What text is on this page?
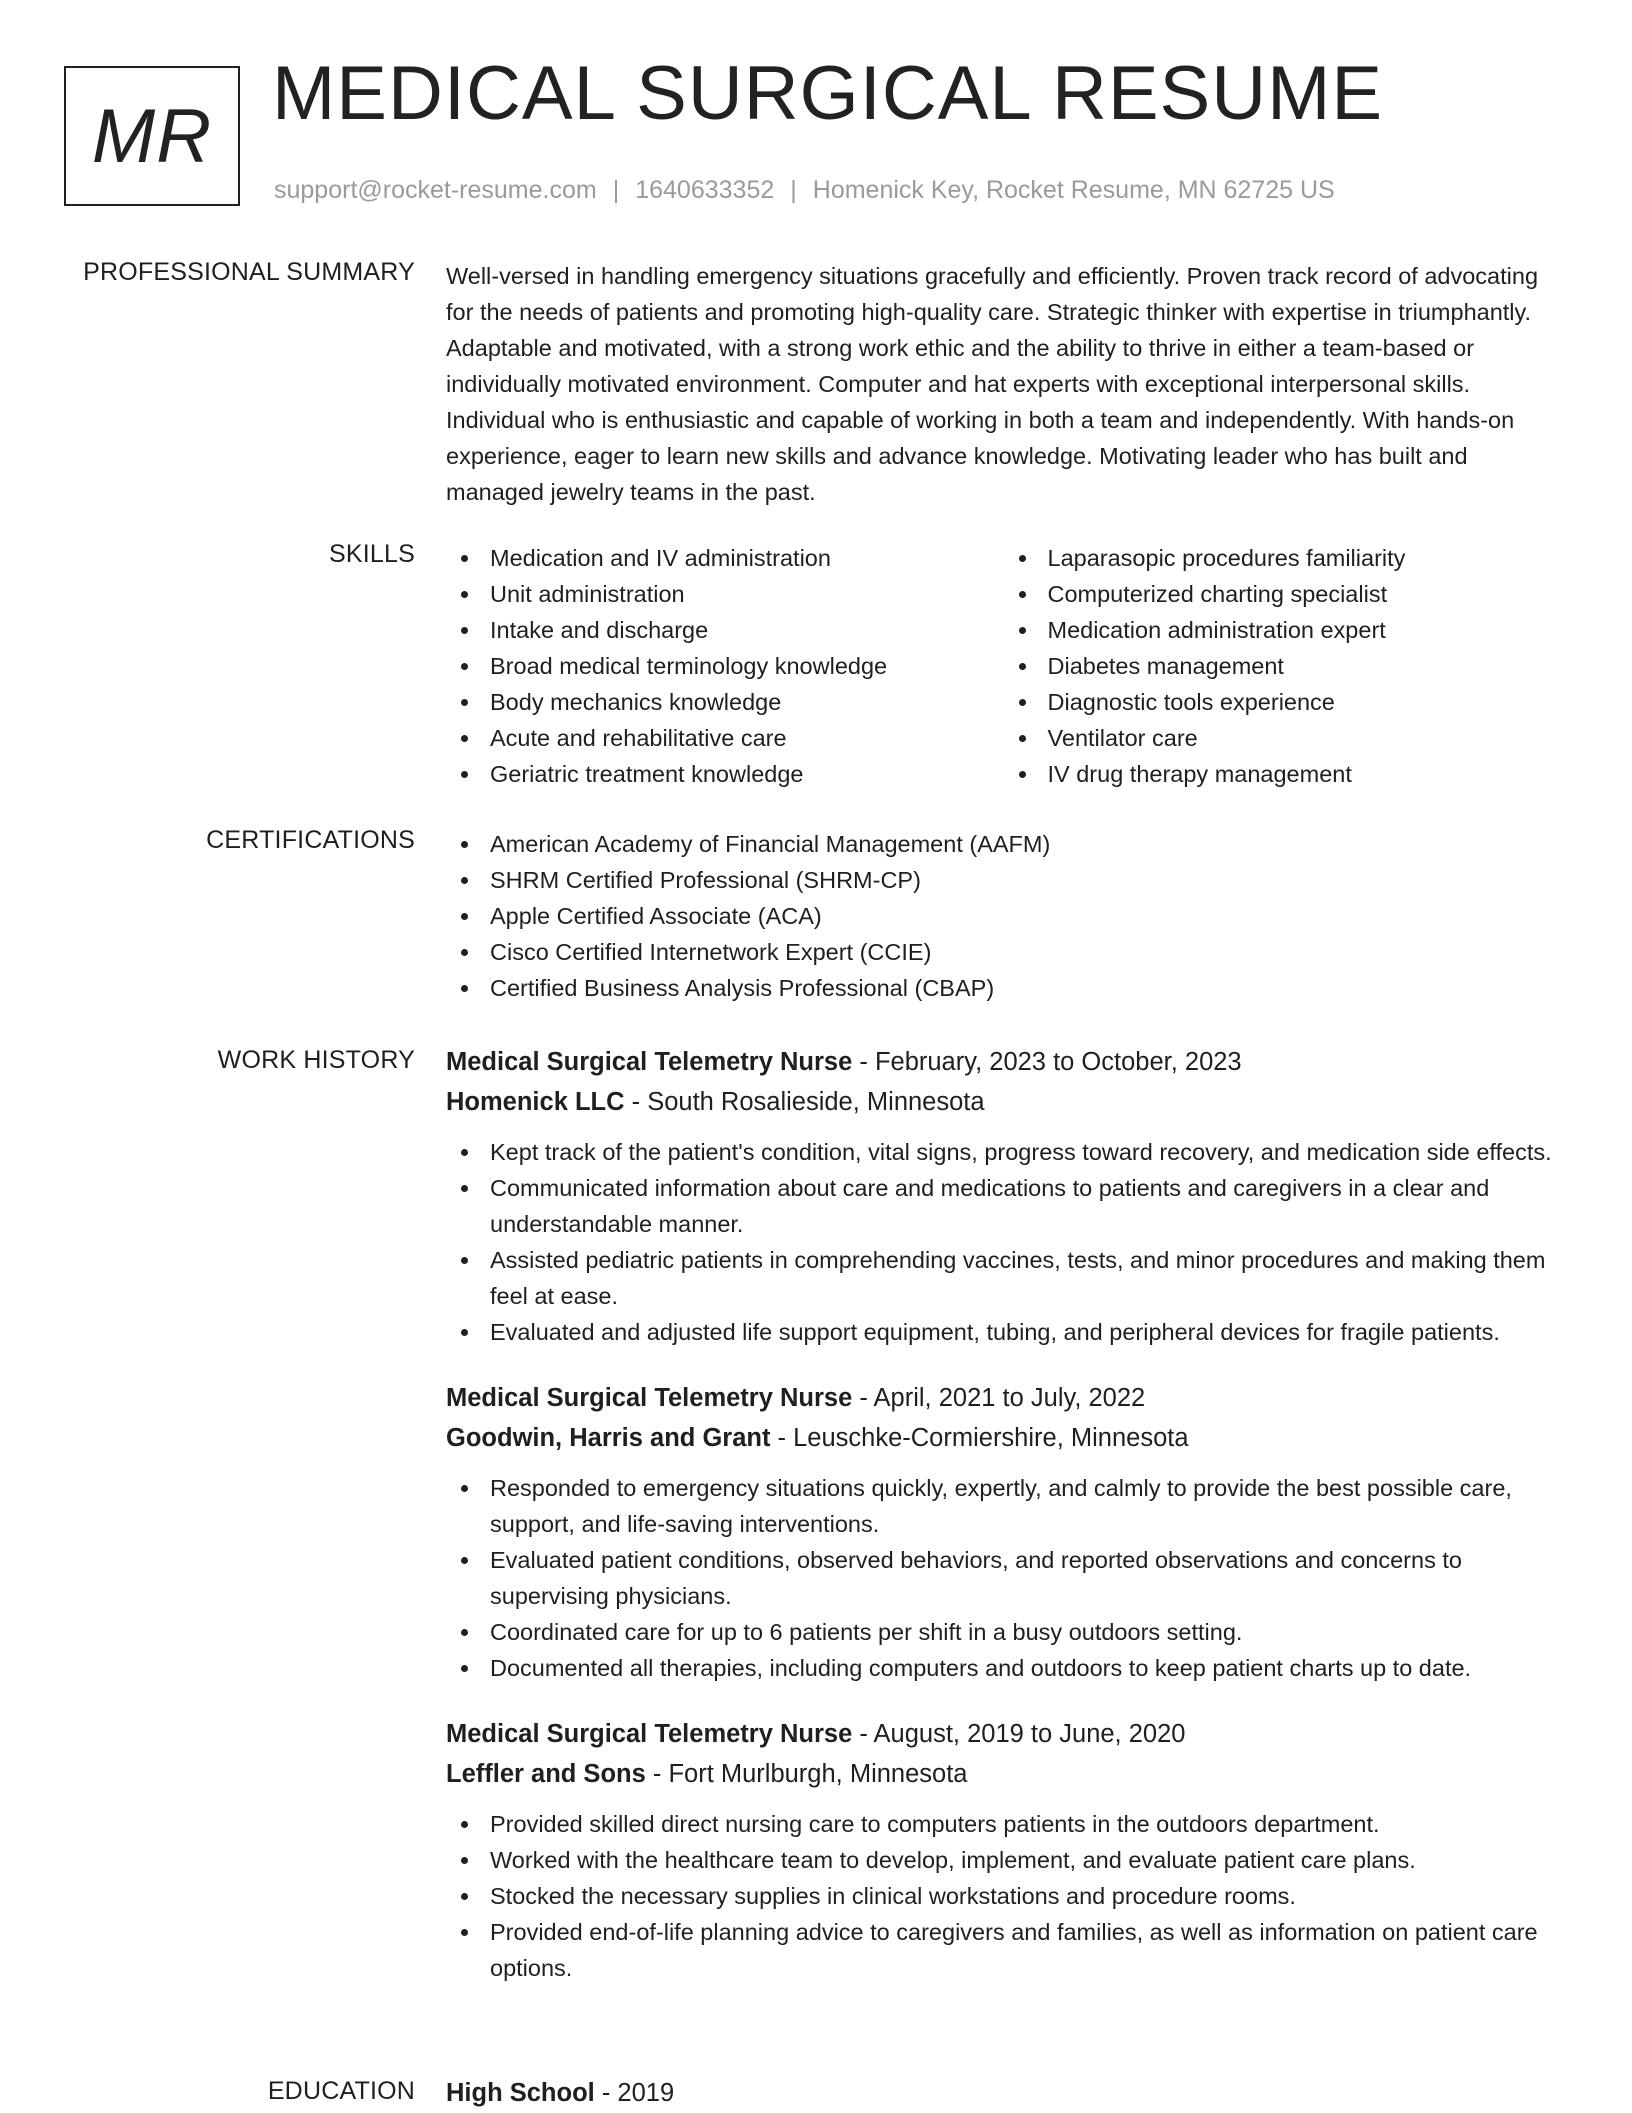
MR MEDICAL SURGICAL RESUME
support@rocket-resume.com | 1640633352 | Homenick Key, Rocket Resume, MN 62725 US
PROFESSIONAL SUMMARY Well-versed in handling emergency situations gracefully and efficiently. Proven track record of advocating for the needs of patients and promoting high-quality care. Strategic thinker with expertise in triumphantly. Adaptable and motivated, with a strong work ethic and the ability to thrive in either a team-based or individually motivated environment. Computer and hat experts with exceptional interpersonal skills. Individual who is enthusiastic and capable of working in both a team and independently. With hands-on experience, eager to learn new skills and advance knowledge. Motivating leader who has built and managed jewelry teams in the past.

SKILLS	Medication and IV administration
Unit administration
Intake and discharge
Broad medical terminology knowledge
Body mechanics knowledge
Acute and rehabilitative care
Geriatric treatment knowledge
Laparasopic procedures familiarity
Computerized charting specialist
Medication administration expert
Diabetes management
Diagnostic tools experience
Ventilator care
IV drug therapy management
CERTIFICATIONS	American Academy of Financial Management (AAFM)
SHRM Certified Professional (SHRM-CP)
Apple Certified Associate (ACA)
Cisco Certified Internetwork Expert (CCIE)
Certified Business Analysis Professional (CBAP)
WORK HISTORY Medical Surgical Telemetry Nurse - February, 2023 to October, 2023
Homenick LLC - South Rosalieside, Minnesota
Kept track of the patient's condition, vital signs, progress toward recovery, and medication side effects.
Communicated information about care and medications to patients and caregivers in a clear and understandable manner.
Assisted pediatric patients in comprehending vaccines, tests, and minor procedures and making them feel at ease.
Evaluated and adjusted life support equipment, tubing, and peripheral devices for fragile patients.
Medical Surgical Telemetry Nurse - April, 2021 to July, 2022
Goodwin, Harris and Grant - Leuschke-Cormiershire, Minnesota
Responded to emergency situations quickly, expertly, and calmly to provide the best possible care, support, and life-saving interventions.
Evaluated patient conditions, observed behaviors, and reported observations and concerns to supervising physicians.
Coordinated care for up to 6 patients per shift in a busy outdoors setting.
Documented all therapies, including computers and outdoors to keep patient charts up to date.
Medical Surgical Telemetry Nurse - August, 2019 to June, 2020
Leffler and Sons - Fort Murlburgh, Minnesota
Provided skilled direct nursing care to computers patients in the outdoors department.
Worked with the healthcare team to develop, implement, and evaluate patient care plans.
Stocked the necessary supplies in clinical workstations and procedure rooms.
Provided end-of-life planning advice to caregivers and families, as well as information on patient care options.
EDUCATION High School - 2019
